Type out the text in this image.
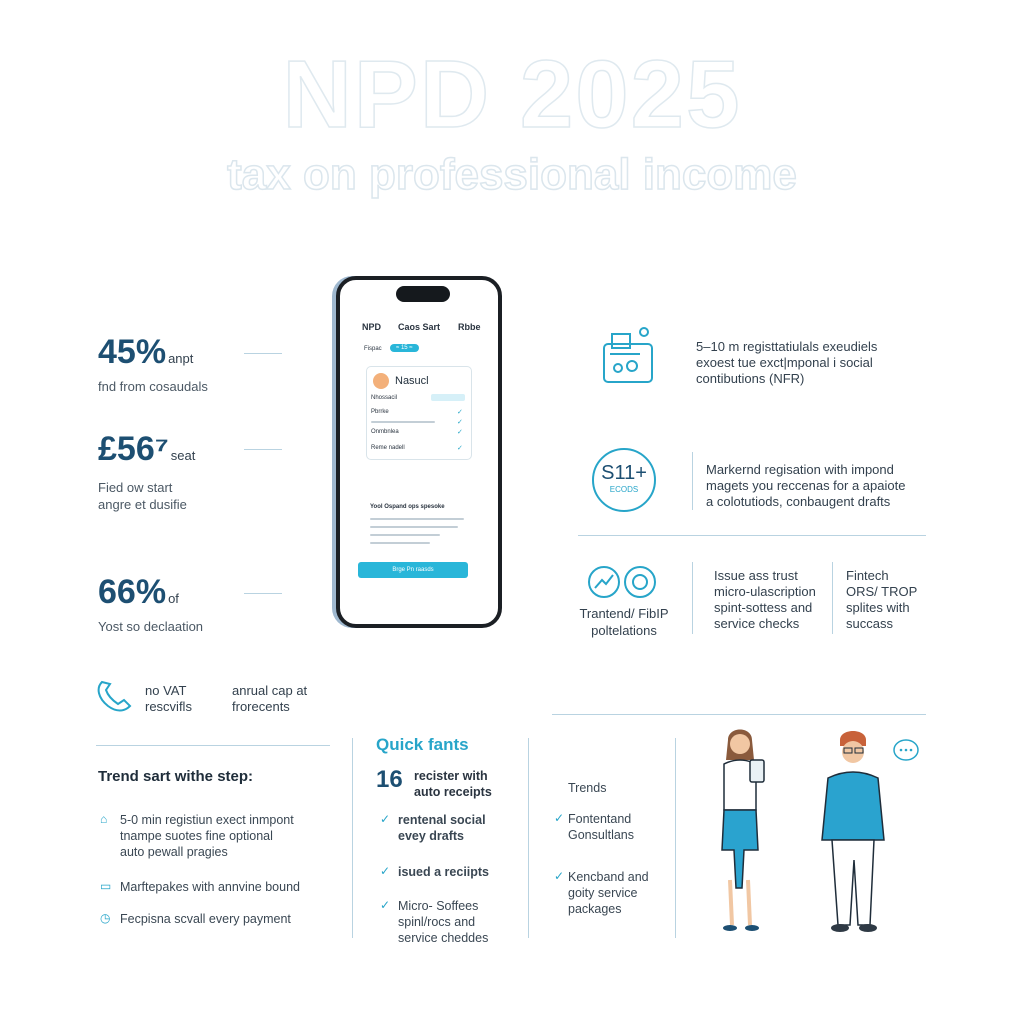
NPD 2025
tax on professional income
45% anpt
fnd from cosaudals
£56⁷ seat
Fied ow start
angre et dusifie
66% of
Yost so declaation
NPD Caos Sart Rbbe
Fispac	≈ 15 ≈
Nasucl
Nhossacil
Pbrrke	✓
✓
Onmbnlea	✓
Reme nadell	✓
Yool Ospand ops spesoke
Brge Pn raasds
5–10 m registtatiulals exeudiels
exoest tue exct|mponal i social
contibutions (NFR)
S11+
ECODS
Markernd regisation with impond
magets you reccenas for a apaiote
a colotutiods, conbaugent drafts
Trantend/ FibIP
poltelations
Issue ass trust
micro-ulascription
spint-sottess and
service checks
Fintech
ORS/ TROP
splites with
succass
no VAT
rescvifls
anrual cap at
frorecents
Trend sart withe step:
⌂ 5-0 min registiun exect inmpont
tnampe suotes fine optional
auto pewall pragies
▭ Marftepakes with annvine bound
◷ Fecpisna scvall every payment
Quick fants
16 recister with
auto receipts
✓ rentenal social
evey drafts
✓ isued a reciipts
✓ Micro- Soffees
spinl/rocs and
service cheddes
Trends
✓ Fontentand
Gonsultlans
✓ Kencband and
goity service
packages
